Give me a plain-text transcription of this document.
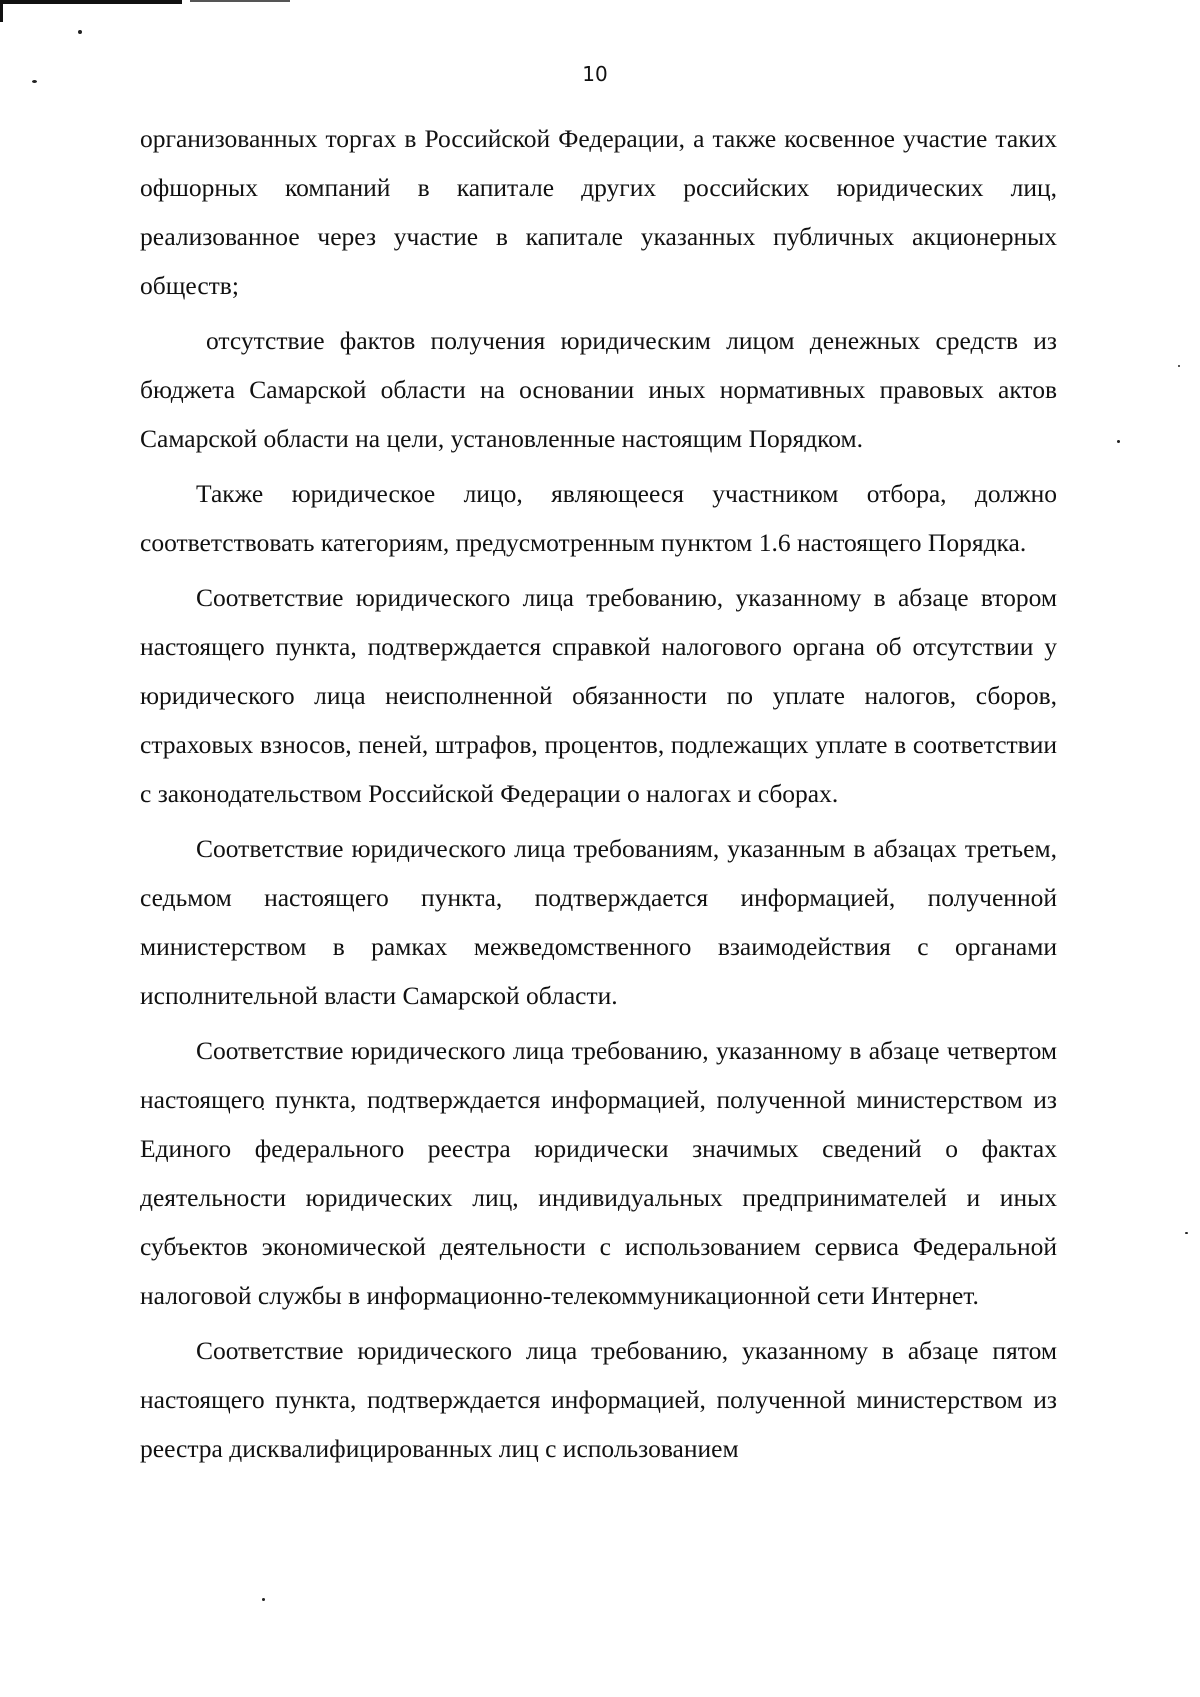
10

организованных торгах в Российской Федерации, а также косвенное участие таких офшорных компаний в капитале других российских юридических лиц, реализованное через участие в капитале указанных публичных акционерных обществ;

отсутствие фактов получения юридическим лицом денежных средств из бюджета Самарской области на основании иных нормативных правовых актов Самарской области на цели, установленные настоящим Порядком.

Также юридическое лицо, являющееся участником отбора, должно соответствовать категориям, предусмотренным пунктом 1.6 настоящего Порядка.

Соответствие юридического лица требованию, указанному в абзаце втором настоящего пункта, подтверждается справкой налогового органа об отсутствии у юридического лица неисполненной обязанности по уплате налогов, сборов, страховых взносов, пеней, штрафов, процентов, подлежащих уплате в соответствии с законодательством Российской Федерации о налогах и сборах.

Соответствие юридического лица требованиям, указанным в абзацах третьем, седьмом настоящего пункта, подтверждается информацией, полученной министерством в рамках межведомственного взаимодействия с органами исполнительной власти Самарской области.

Соответствие юридического лица требованию, указанному в абзаце четвертом настоящего пункта, подтверждается информацией, полученной министерством из Единого федерального реестра юридически значимых сведений о фактах деятельности юридических лиц, индивидуальных предпринимателей и иных субъектов экономической деятельности с использованием сервиса Федеральной налоговой службы в информационно-телекоммуникационной сети Интернет.

Соответствие юридического лица требованию, указанному в абзаце пятом настоящего пункта, подтверждается информацией, полученной министерством из реестра дисквалифицированных лиц с использованием
